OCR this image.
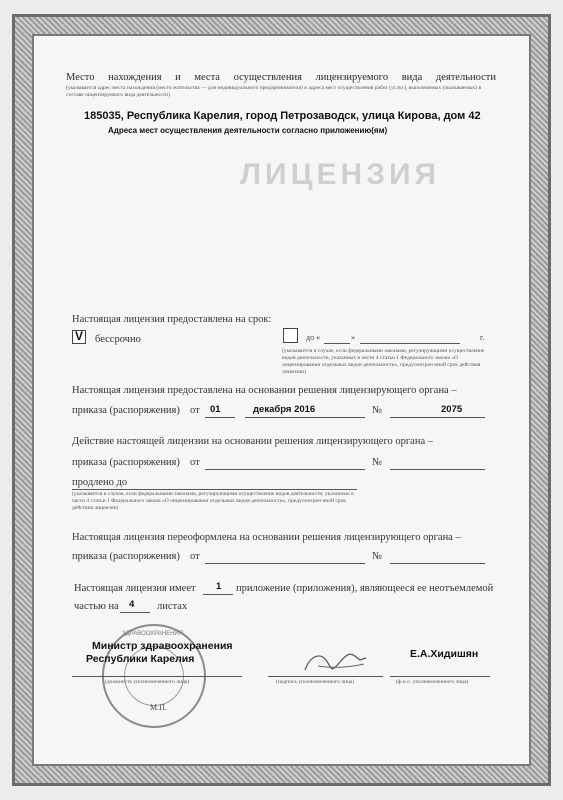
Место нахождения и места осуществления лицензируемого вида деятельности
(указывается адрес места нахождения (место жительства — для индивидуального предпринимателя) и адреса мест осуществления работ (услуг), выполняемых (оказываемых) в составе лицензируемого вида деятельности)
185035, Республика Карелия, город Петрозаводск, улица Кирова, дом 42
Адреса мест осуществления деятельности согласно приложению(ям)
ЛИЦЕНЗИЯ
Настоящая лицензия предоставлена на срок:
V бессрочно	до «	»	г.
(указывается в случае, если федеральными законами, регулирующими осуществление видов деятельности, указанных в части 4 статьи 1 Федерального закона «О лицензировании отдельных видов деятельности», предусмотрен иной срок действия лицензии)
Настоящая лицензия предоставлена на основании решения лицензирующего органа –
приказа (распоряжения) от 01	декабря 2016	№	2075
Действие настоящей лицензии на основании решения лицензирующего органа –
приказа (распоряжения) от	№
продлено до
(указывается в случае, если федеральными законами, регулирующими осуществление видов деятельности, указанных в части 4 статьи 1 Федерального закона «О лицензировании отдельных видов деятельности», предусмотрен иной срок действия лицензии)
Настоящая лицензия переоформлена на основании решения лицензирующего органа –
приказа (распоряжения) от	№
Настоящая лицензия имеет 1 приложение (приложения), являющееся ее неотъемлемой
частью на 4 листах
ЗДРАВООХРАНЕНИЯ
Министр здравоохранения
Республики Карелия
(должность уполномоченного лица)	(подпись уполномоченного лица)
Е.А.Хидишян
(ф.и.о. уполномоченного лица)
М.П.
